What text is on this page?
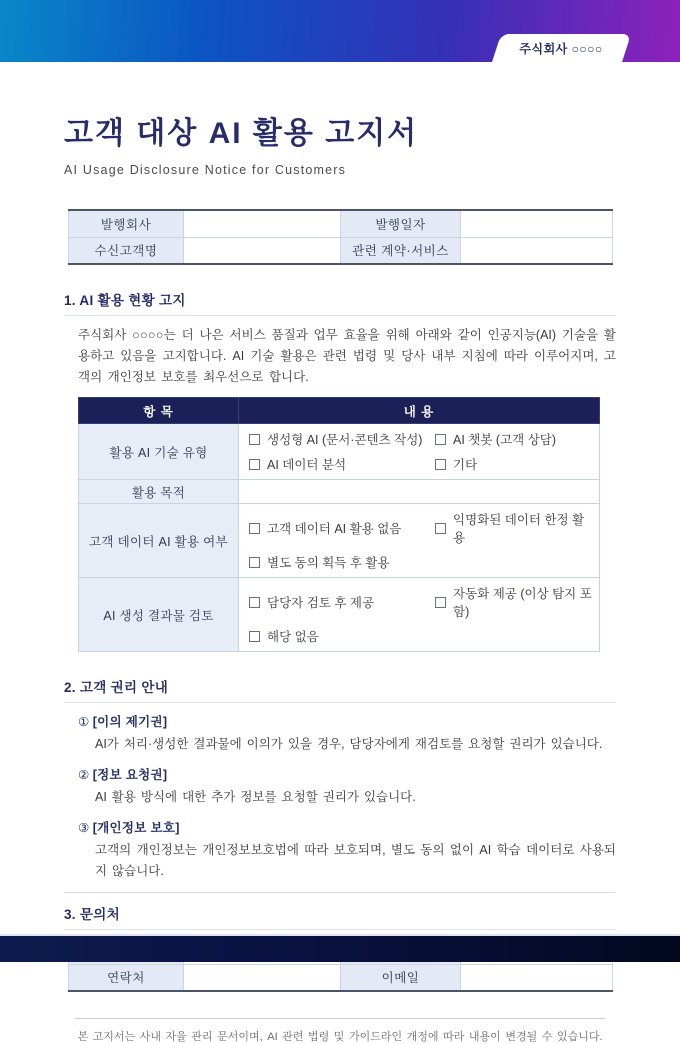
주식회사 ○○○○
고객 대상 AI 활용 고지서
AI Usage Disclosure Notice for Customers
발행회사		발행일자	
수신고객명		관련 계약·서비스	
1. AI 활용 현황 고지
주식회사 ○○○○는 더 나은 서비스 품질과 업무 효율을 위해 아래와 같이 인공지능(AI) 기술을 활용하고 있음을 고지합니다. AI 기술 활용은 관련 법령 및 당사 내부 지침에 따라 이루어지며, 고객의 개인정보 보호를 최우선으로 합니다.
항 목	내 용
활용 AI 기술 유형	생성형 AI (문서·콘텐츠 작성) AI 챗봇 (고객 상담)
AI 데이터 분석 기타

활용 목적	
고객 데이터 AI 활용 여부	고객 데이터 AI 활용 없음
익명화된 데이터 한정 활용
별도 동의 획득 후 활용

AI 생성 결과물 검토	담당자 검토 후 제공
자동화 제공 (이상 탐지 포함)
해당 없음
2. 고객 권리 안내
① [이의 제기권]
AI가 처리·생성한 결과물에 이의가 있을 경우, 담당자에게 재검토를 요청할 권리가 있습니다.
② [정보 요청권]
AI 활용 방식에 대한 추가 정보를 요청할 권리가 있습니다.
③ [개인정보 보호]
고객의 개인정보는 개인정보보호법에 따라 보호되며, 별도 동의 없이 AI 학습 데이터로 사용되지 않습니다.
3. 문의처

연락처		이메일	
본 고지서는 사내 자율 관리 문서이며, AI 관련 법령 및 가이드라인 개정에 따라 내용이 변경될 수 있습니다.
